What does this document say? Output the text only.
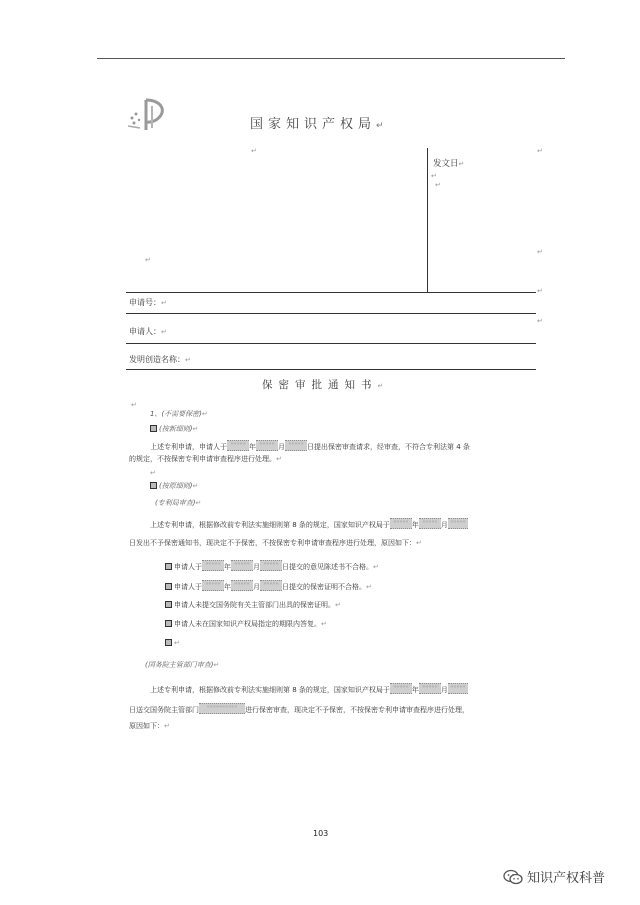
国家知识产权局↵
↵	↵
↵
↵
↵
↵
发文日↵
↵
↵
申请号：↵
申请人：↵
发明创造名称：↵
保密审批通知书↵
↵
1、(不需要保密)↵
(按新细则)↵
上述专利申请，申请人于 ««««« 年 ««««« 月 ««««« 日提出保密审查请求，经审查，不符合专利法第 4 条
的规定，不按保密专利申请审查程序进行处理。↵
↵
(按原细则)↵
(专利局审查)↵
上述专利申请，根据修改前专利法实施细则第 8 条的规定，国家知识产权局于 ««««« 年 ««««« 月 «««««
日发出不予保密通知书，现决定不予保密，不按保密专利申请审查程序进行处理，原因如下：↵
申请人于 ««««« 年 ««««« 月 ««««« 日提交的意见陈述书不合格。↵
申请人于 ««««« 年 ««««« 月 ««««« 日提交的保密证明不合格。↵
申请人未提交国务院有关主管部门出具的保密证明。↵
申请人未在国家知识产权局指定的期限内答复。↵
↵
(国务院主管部门审查)↵
上述专利申请，根据修改前专利法实施细则第 8 条的规定，国家知识产权局于 ««««« 年 ««««« 月 «««««
日送交国务院主管部门 «««««««««« 进行保密审查，现决定不予保密，不按保密专利申请审查程序进行处理，
原因如下：↵
103
知识产权科普
